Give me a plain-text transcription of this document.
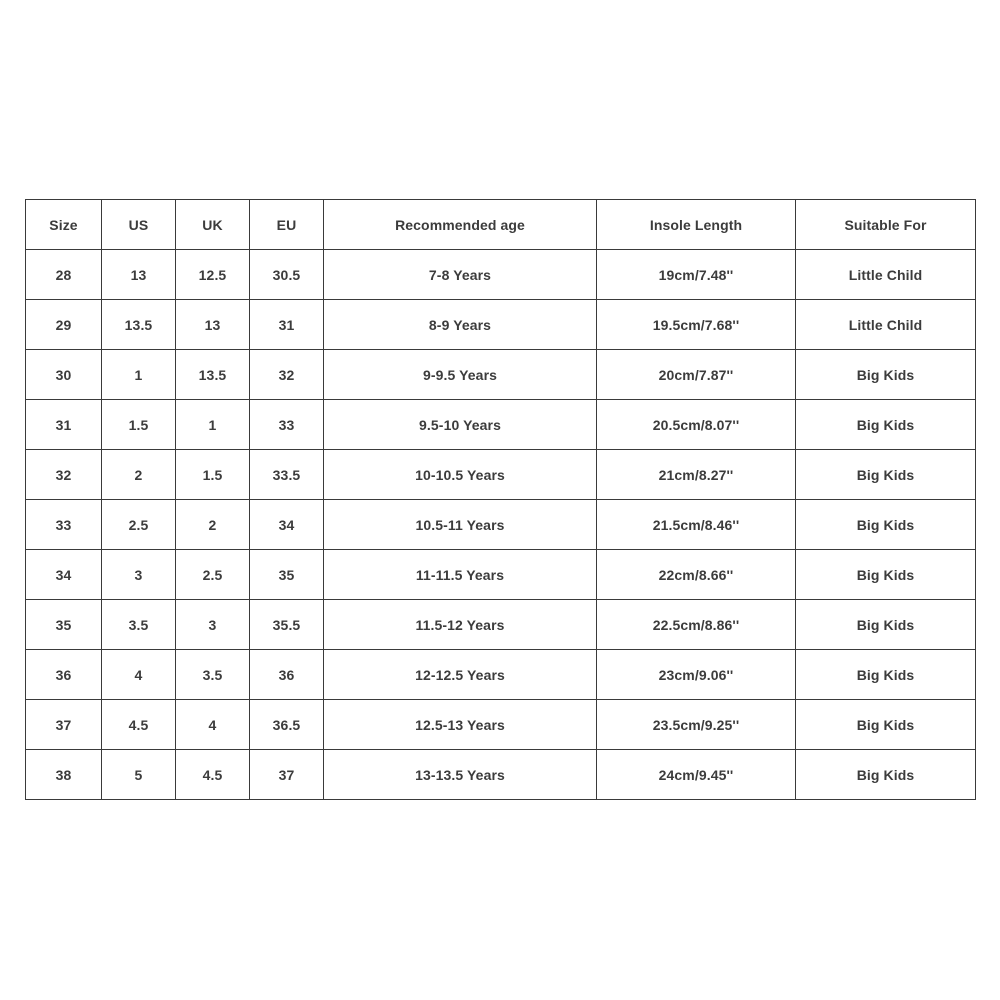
Size	US	UK	EU	Recommended age	Insole Length	Suitable For
28	13	12.5	30.5	7-8 Years	19cm/7.48''	Little Child
29	13.5	13	31	8-9 Years	19.5cm/7.68''	Little Child
30	1	13.5	32	9-9.5 Years	20cm/7.87''	Big Kids
31	1.5	1	33	9.5-10 Years	20.5cm/8.07''	Big Kids
32	2	1.5	33.5	10-10.5 Years	21cm/8.27''	Big Kids
33	2.5	2	34	10.5-11 Years	21.5cm/8.46''	Big Kids
34	3	2.5	35	11-11.5 Years	22cm/8.66''	Big Kids
35	3.5	3	35.5	11.5-12 Years	22.5cm/8.86''	Big Kids
36	4	3.5	36	12-12.5 Years	23cm/9.06''	Big Kids
37	4.5	4	36.5	12.5-13 Years	23.5cm/9.25''	Big Kids
38	5	4.5	37	13-13.5 Years	24cm/9.45''	Big Kids
